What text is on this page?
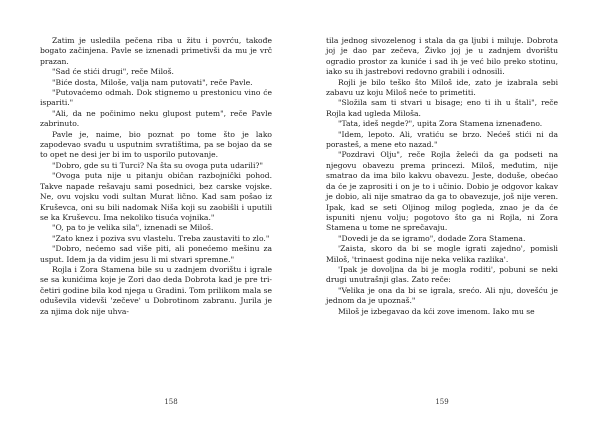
Zatim je usledila pečena riba u žitu i povrću, takođe bogato začinjena. Pavle se iznenadi primetivši da mu je vrč prazan.

"Sad će stići drugi", reče Miloš.

"Biće dosta, Miloše, valja nam putovati", reče Pavle.

"Putovaćemo odmah. Dok stignemo u prestonicu vino će ispariti."

"Ali, da ne počinimo neku glupost putem", reče Pavle zabrinuto.

Pavle je, naime, bio poznat po tome što je lako zapodevao svađu u usputnim svratištima, pa se bojao da se to opet ne desi jer bi im to usporilo putovanje.

"Dobro, gde su ti Turci? Na šta su ovoga puta udarili?"

"Ovoga puta nije u pitanju običan razbojnički pohod. Takve napade rešavaju sami posednici, bez carske vojske. Ne, ovu vojsku vodi sultan Murat lično. Kad sam pošao iz Kruševca, oni su bili nadomak Niša koji su zaobišli i uputili se ka Kruševcu. Ima nekoliko tisuća vojnika."

"O, pa to je velika sila", iznenadi se Miloš.

"Zato knez i poziva svu vlastelu. Treba zaustaviti to zlo."

"Dobro, nećemo sad više piti, ali ponećemo mešinu za usput. Idem ja da vidim jesu li mi stvari spremne."

Rojla i Zora Stamena bile su u zadnjem dvorištu i igrale se sa kunićima koje je Zori dao deda Dobrota kad je pre tri-četiri godine bila kod njega u Gradini. Tom prilikom mala se oduševila videvši 'zečeve' u Dobrotinom zabranu. Jurila je za njima dok nije uhva-

158

tila jednog sivozelenog i stala da ga ljubi i miluje. Dobrota joj je dao par zečeva, Živko joj je u zadnjem dvorištu ogradio prostor za kuniće i sad ih je već bilo preko stotinu, iako su ih jastrebovi redovno grabili i odnosili.

Rojli je bilo teško što Miloš ide, zato je izabrala sebi zabavu uz koju Miloš neće to primetiti.

"Složila sam ti stvari u bisage; eno ti ih u štali", reče Rojla kad ugleda Miloša.

"Tata, ideš negde?", upita Zora Stamena iznenađeno.

"Idem, lepoto. Ali, vratiću se brzo. Nećeš stići ni da porasteš, a mene eto nazad."

"Pozdravi Olju", reče Rojla želeći da ga podseti na njegovu obavezu prema princezi. Miloš, međutim, nije smatrao da ima bilo kakvu obavezu. Jeste, doduše, obećao da će je zaprositi i on je to i učinio. Dobio je odgovor kakav je dobio, ali nije smatrao da ga to obavezuje, još nije veren. Ipak, kad se seti Oljinog milog pogleda, znao je da će ispuniti njenu volju; pogotovo što ga ni Rojla, ni Zora Stamena u tome ne sprečavaju.

"Dovedi je da se igramo", dodade Zora Stamena.

'Zaista, skoro da bi se mogle igrati zajedno', pomisli Miloš, 'trinaest godina nije neka velika razlika'.

'Ipak je dovoljna da bi je mogla roditi', pobuni se neki drugi unutrašnji glas. Zato reče:

"Velika je ona da bi se igrala, srećo. Ali nju, dovešću je jednom da je upoznaš."

Miloš je izbegavao da kći zove imenom. Iako mu se

159
